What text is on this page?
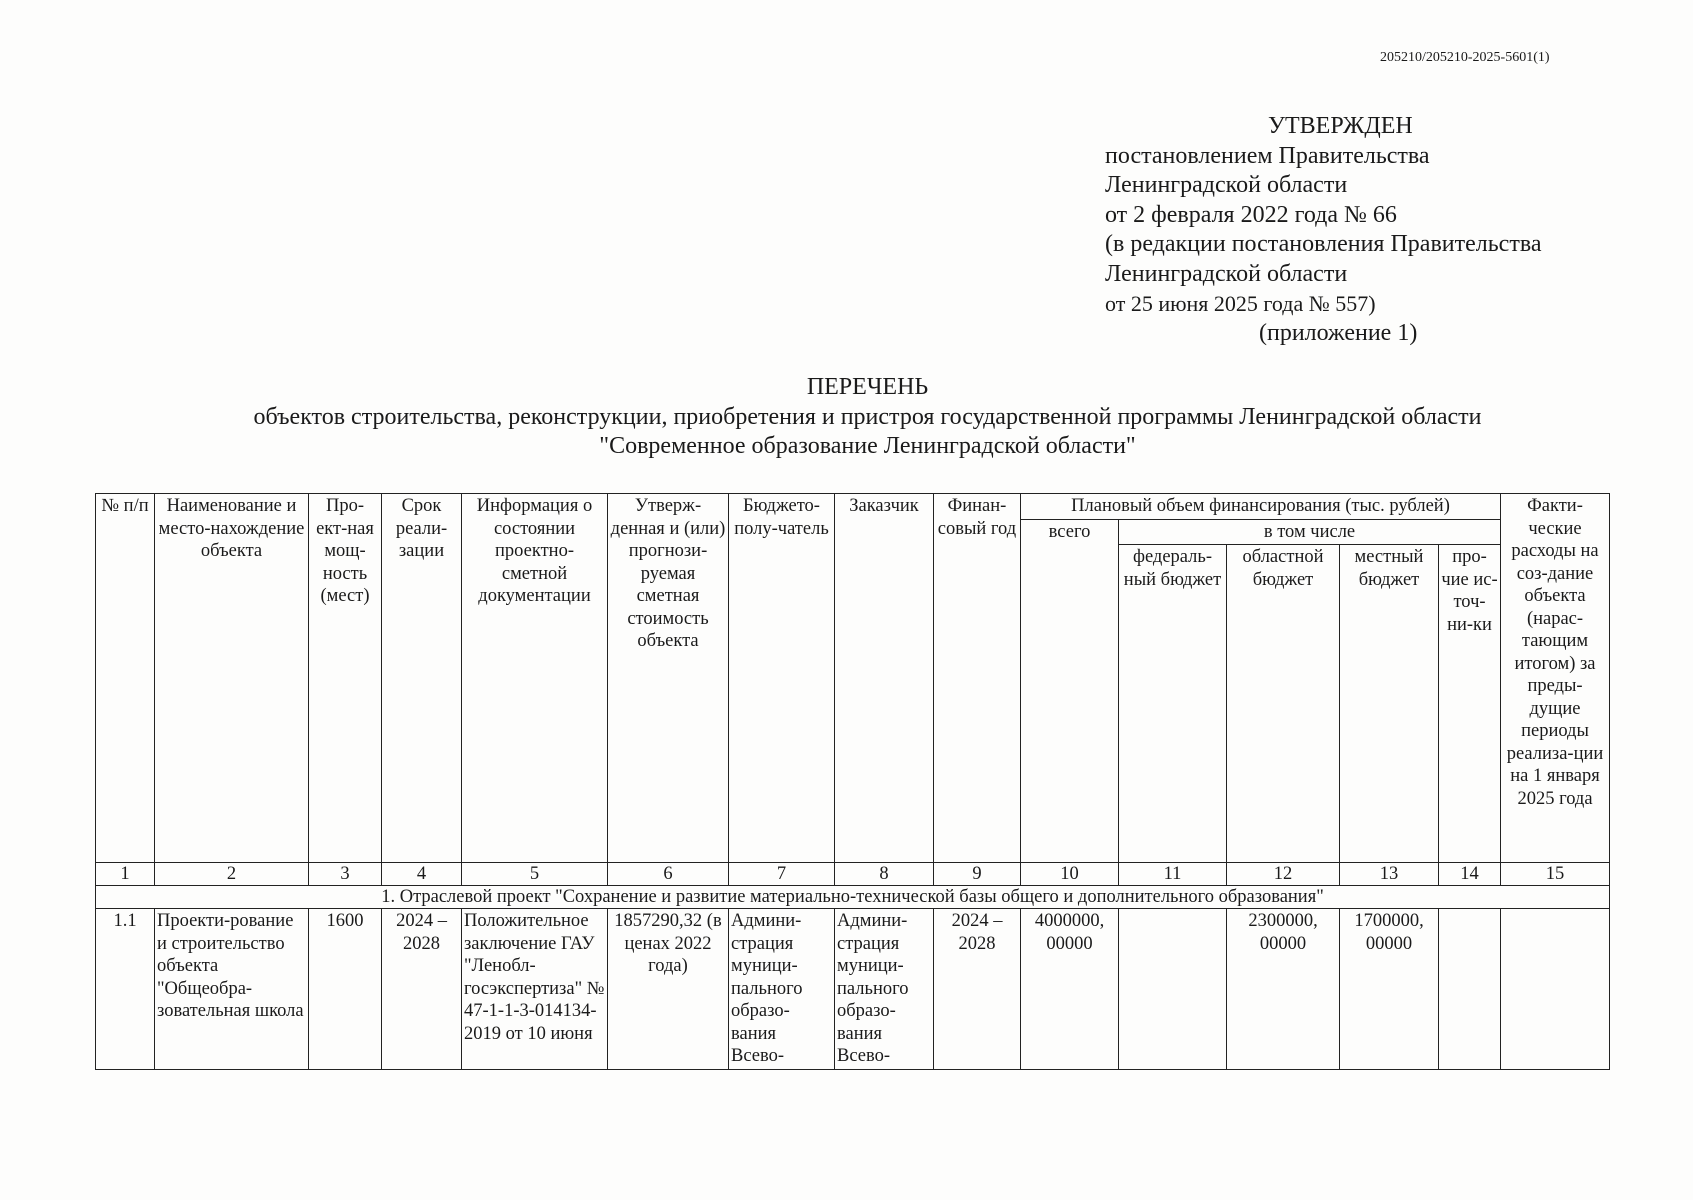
205210/205210-2025-5601(1)
УТВЕРЖДЕН
постановлением Правительства
Ленинградской области
от 2 февраля 2022 года № 66
(в редакции постановления Правительства
Ленинградской области
от 25 июня 2025 года № 557)
(приложение 1)
ПЕРЕЧЕНЬ
объектов строительства, реконструкции, приобретения и пристроя государственной программы Ленинградской области
"Современное образование Ленинградской области"
№ п/п	Наименование и место-нахождение объекта	Про-ект-ная мощ-ность (мест)	Срок реали-зации	Информация о состоянии проектно-сметной документации	Утверж-денная и (или) прогнози-руемая сметная стоимость объекта	Бюджето-полу-чатель	Заказчик	Финан-совый год	Плановый объем финансирования (тыс. рублей)					Факти-ческие расходы на соз-дание объекта (нарас-тающим итогом) за преды-дущие периоды реализа-ции на 1 января 2025 года
									всего	в том числе				
										федераль-ный бюджет	областной бюджет	местный бюджет	про-чие ис-точ-ни-ки	
1	2	3	4	5	6	7	8	9	10	11	12	13	14	15
1. Отраслевой проект "Сохранение и развитие материально-технической базы общего и дополнительного образования"														
1.1	Проекти-рование и строительство объекта "Общеобра-зовательная школа	1600	2024 – 2028	Положительное заключение ГАУ "Ленобл-госэкспертиза" № 47-1-1-3-014134-2019 от 10 июня	1857290,32 (в ценах 2022 года)	Админи-страция муници-пального образо-вания Всево-	Админи-страция муници-пального образо-вания Всево-	2024 – 2028	4000000, 00000		2300000, 00000	1700000, 00000		
